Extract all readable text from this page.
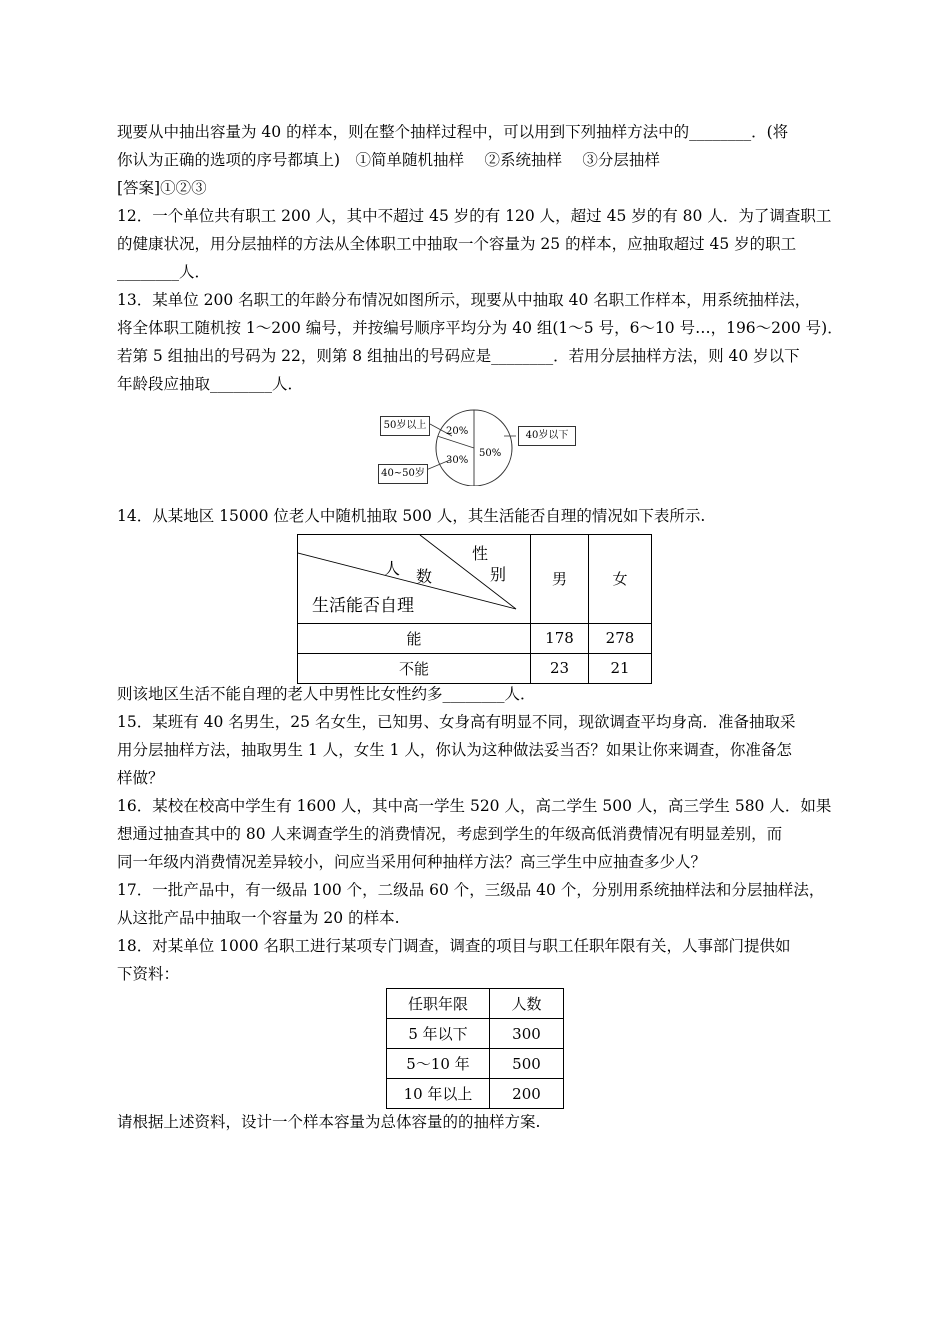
现要从中抽出容量为 40 的样本，则在整个抽样过程中，可以用到下列抽样方法中的________．(将
你认为正确的选项的序号都填上)　①简单随机抽样　 ②系统抽样　 ③分层抽样
[答案]①②③
12．一个单位共有职工 200 人，其中不超过 45 岁的有 120 人，超过 45 岁的有 80 人．为了调查职工
的健康状况，用分层抽样的方法从全体职工中抽取一个容量为 25 的样本，应抽取超过 45 岁的职工
________人．
13．某单位 200 名职工的年龄分布情况如图所示，现要从中抽取 40 名职工作样本，用系统抽样法，
将全体职工随机按 1～200 编号，并按编号顺序平均分为 40 组(1～5 号，6～10 号…，196～200 号)．
若第 5 组抽出的号码为 22，则第 8 组抽出的号码应是________．若用分层抽样方法，则 40 岁以下
年龄段应抽取________人．
50岁以上
40~50岁
40岁以下
20%
30%
50%
14．从某地区 15000 位老人中随机抽取 500 人，其生活能否自理的情况如下表所示.
性
别
人 数
生活能否自理	男	女
能	178	278
不能	23	21
则该地区生活不能自理的老人中男性比女性约多________人．
15．某班有 40 名男生，25 名女生，已知男、女身高有明显不同，现欲调查平均身高．准备抽取采
用分层抽样方法，抽取男生 1 人，女生 1 人，你认为这种做法妥当否？如果让你来调查，你准备怎
样做？
16．某校在校高中学生有 1600 人，其中高一学生 520 人，高二学生 500 人，高三学生 580 人．如果
想通过抽查其中的 80 人来调查学生的消费情况，考虑到学生的年级高低消费情况有明显差别，而
同一年级内消费情况差异较小，问应当采用何种抽样方法？高三学生中应抽查多少人？
17．一批产品中，有一级品 100 个，二级品 60 个，三级品 40 个，分别用系统抽样法和分层抽样法，
从这批产品中抽取一个容量为 20 的样本.
18．对某单位 1000 名职工进行某项专门调查，调查的项目与职工任职年限有关，人事部门提供如
下资料：
任职年限	人数
5 年以下	300
5～10 年	500
10 年以上	200
请根据上述资料，设计一个样本容量为总体容量的的抽样方案.
